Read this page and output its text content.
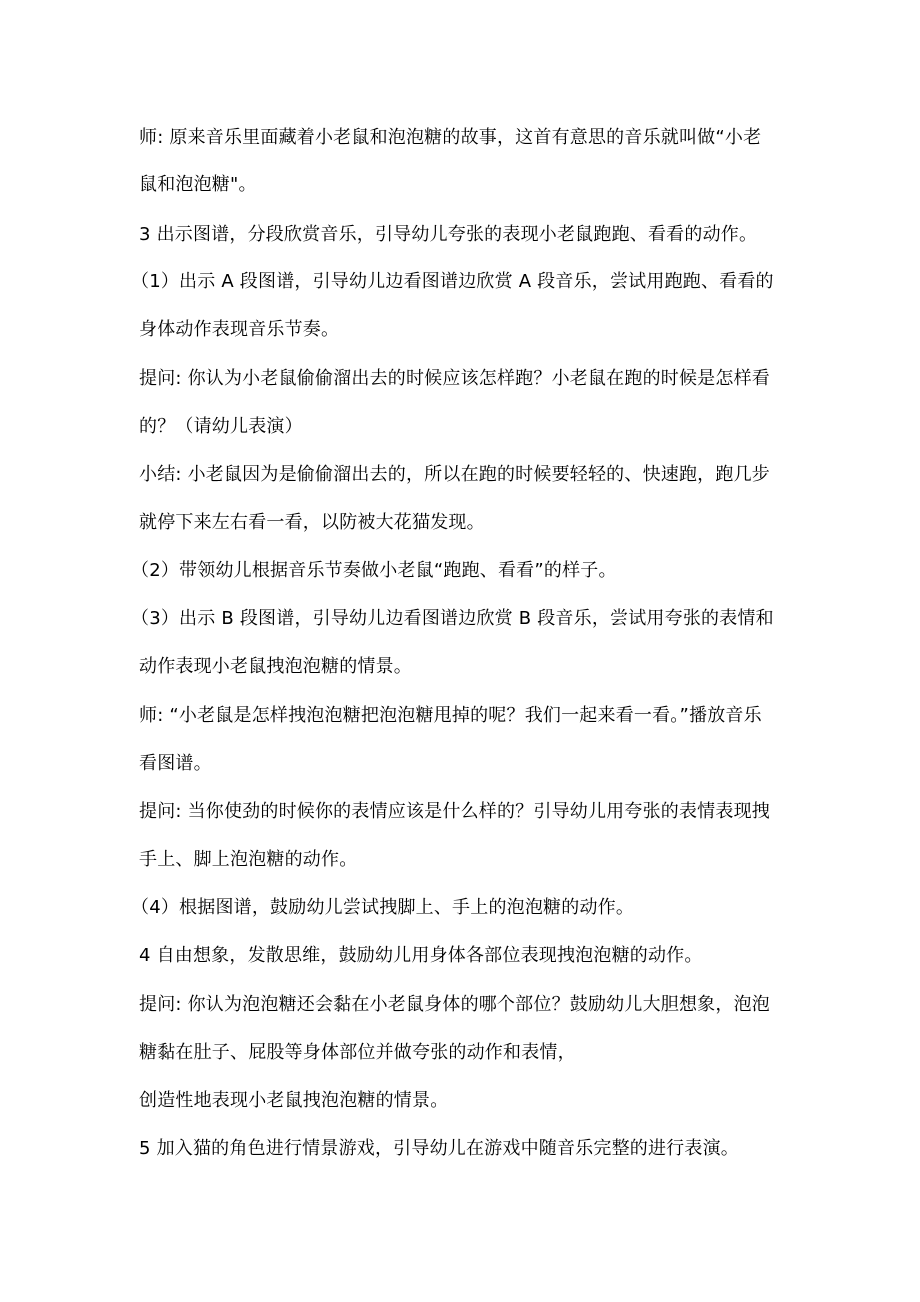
师: 原来音乐里面藏着小老鼠和泡泡糖的故事，这首有意思的音乐就叫做“小老
鼠和泡泡糖"。
3 出示图谱，分段欣赏音乐，引导幼儿夸张的表现小老鼠跑跑、看看的动作。
（1）出示 A 段图谱，引导幼儿边看图谱边欣赏 A 段音乐，尝试用跑跑、看看的
身体动作表现音乐节奏。
提问: 你认为小老鼠偷偷溜出去的时候应该怎样跑？小老鼠在跑的时候是怎样看
的？（请幼儿表演）
小结: 小老鼠因为是偷偷溜出去的，所以在跑的时候要轻轻的、快速跑，跑几步
就停下来左右看一看，以防被大花猫发现。
（2）带领幼儿根据音乐节奏做小老鼠“跑跑、看看”的样子。
（3）出示 B 段图谱，引导幼儿边看图谱边欣赏 B 段音乐，尝试用夸张的表情和
动作表现小老鼠拽泡泡糖的情景。
师: “小老鼠是怎样拽泡泡糖把泡泡糖甩掉的呢？我们一起来看一看。”播放音乐
看图谱。
提问: 当你使劲的时候你的表情应该是什么样的？引导幼儿用夸张的表情表现拽
手上、脚上泡泡糖的动作。
（4）根据图谱，鼓励幼儿尝试拽脚上、手上的泡泡糖的动作。
4 自由想象，发散思维，鼓励幼儿用身体各部位表现拽泡泡糖的动作。
提问: 你认为泡泡糖还会黏在小老鼠身体的哪个部位？鼓励幼儿大胆想象，泡泡
糖黏在肚子、屁股等身体部位并做夸张的动作和表情，
创造性地表现小老鼠拽泡泡糖的情景。
5 加入猫的角色进行情景游戏，引导幼儿在游戏中随音乐完整的进行表演。
